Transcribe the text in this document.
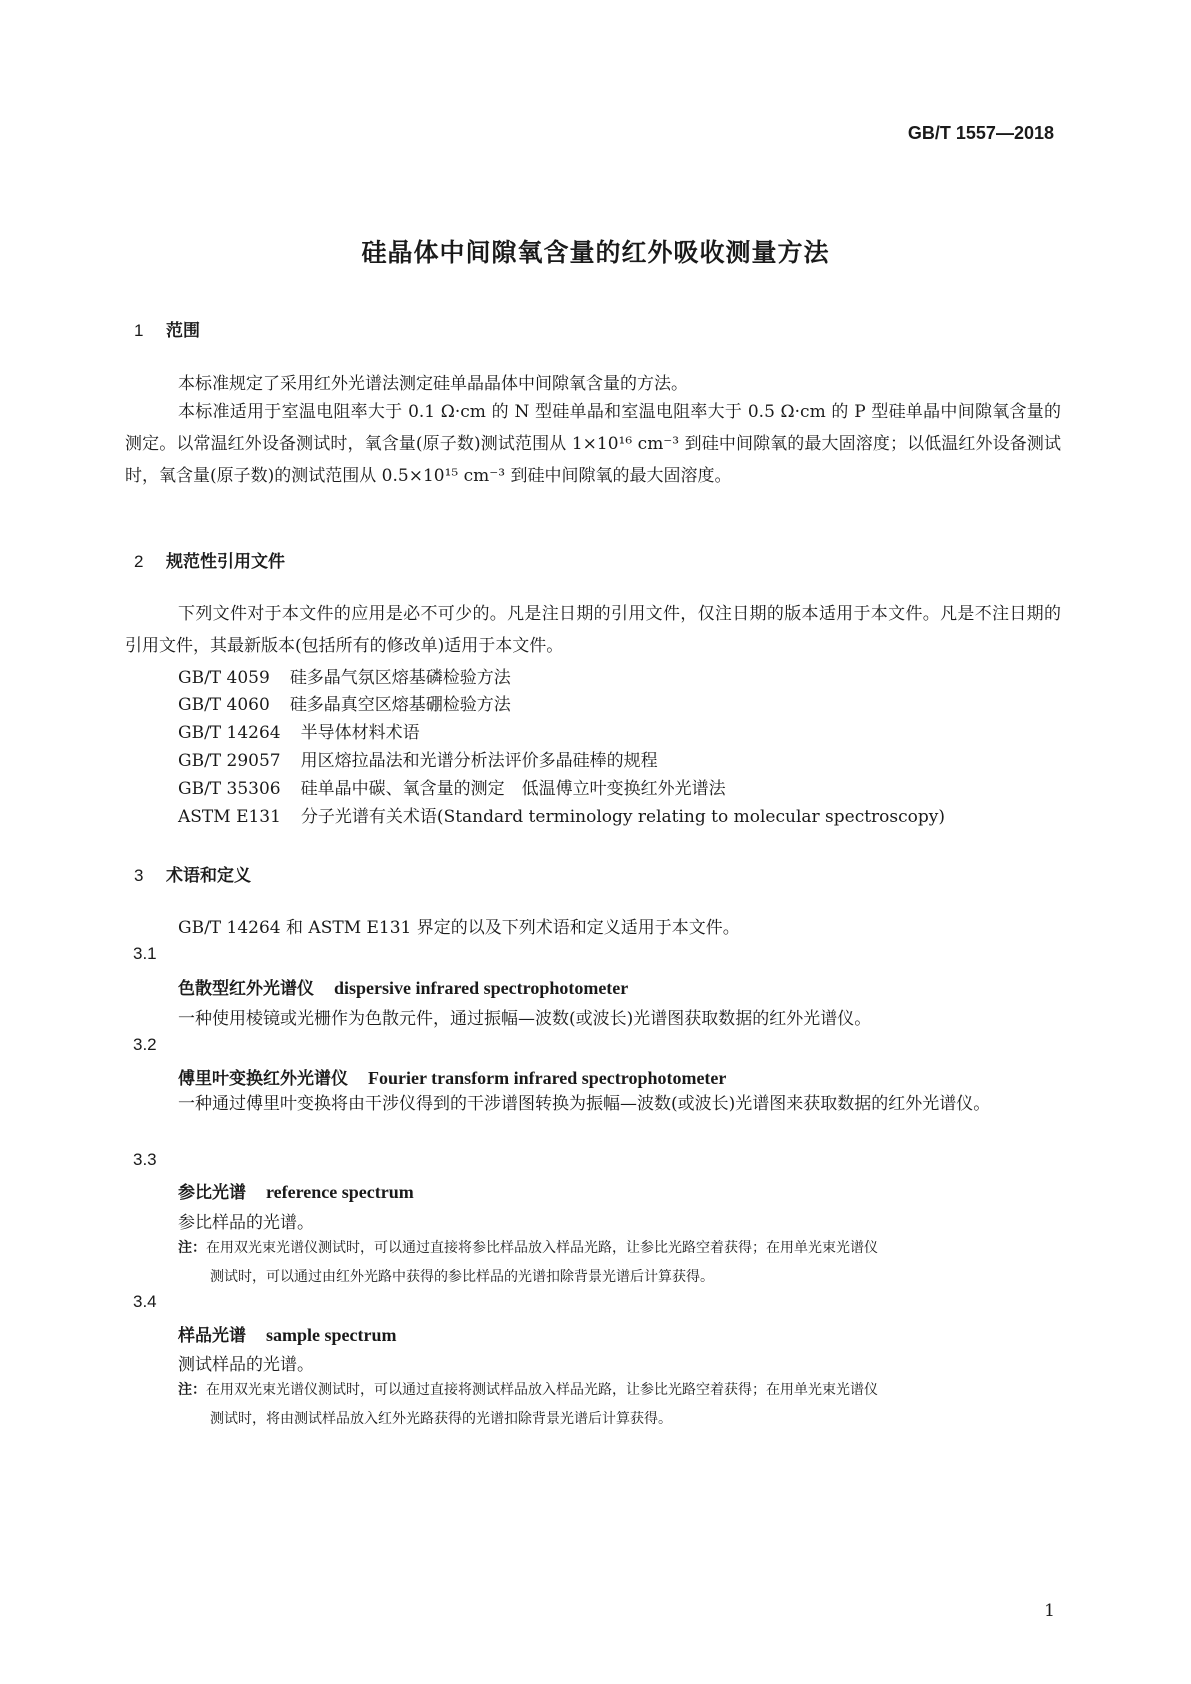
GB/T 1557—2018
硅晶体中间隙氧含量的红外吸收测量方法
1 范围
本标准规定了采用红外光谱法测定硅单晶晶体中间隙氧含量的方法。
本标准适用于室温电阻率大于 0.1 Ω·cm 的 N 型硅单晶和室温电阻率大于 0.5 Ω·cm 的 P 型硅单晶中间隙氧含量的测定。以常温红外设备测试时，氧含量(原子数)测试范围从 1×10¹⁶ cm⁻³ 到硅中间隙氧的最大固溶度；以低温红外设备测试时，氧含量(原子数)的测试范围从 0.5×10¹⁵ cm⁻³ 到硅中间隙氧的最大固溶度。
2 规范性引用文件
下列文件对于本文件的应用是必不可少的。凡是注日期的引用文件，仅注日期的版本适用于本文件。凡是不注日期的引用文件，其最新版本(包括所有的修改单)适用于本文件。
GB/T 4059 硅多晶气氛区熔基磷检验方法
GB/T 4060 硅多晶真空区熔基硼检验方法
GB/T 14264 半导体材料术语
GB/T 29057 用区熔拉晶法和光谱分析法评价多晶硅棒的规程
GB/T 35306 硅单晶中碳、氧含量的测定　低温傅立叶变换红外光谱法
ASTM E131 分子光谱有关术语(Standard terminology relating to molecular spectroscopy)
3 术语和定义
GB/T 14264 和 ASTM E131 界定的以及下列术语和定义适用于本文件。
3.1
色散型红外光谱仪 dispersive infrared spectrophotometer
一种使用棱镜或光栅作为色散元件，通过振幅—波数(或波长)光谱图获取数据的红外光谱仪。
3.2
傅里叶变换红外光谱仪 Fourier transform infrared spectrophotometer
一种通过傅里叶变换将由干涉仪得到的干涉谱图转换为振幅—波数(或波长)光谱图来获取数据的红外光谱仪。
3.3
参比光谱 reference spectrum
参比样品的光谱。
注：在用双光束光谱仪测试时，可以通过直接将参比样品放入样品光路，让参比光路空着获得；在用单光束光谱仪
测试时，可以通过由红外光路中获得的参比样品的光谱扣除背景光谱后计算获得。
3.4
样品光谱 sample spectrum
测试样品的光谱。
注：在用双光束光谱仪测试时，可以通过直接将测试样品放入样品光路，让参比光路空着获得；在用单光束光谱仪
测试时，将由测试样品放入红外光路获得的光谱扣除背景光谱后计算获得。
1
